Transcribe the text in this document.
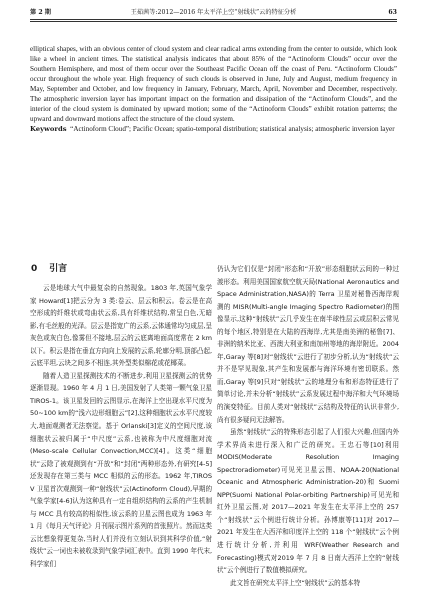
第 2 期	王茹茜等:2012—2016 年太平洋上空“射线状”云的特征分析	63

elliptical shapes, with an obvious center of cloud system and clear radical arms extending from the center to outside, which look like a wheel in ancient times. The statistical analysis indicates that about 85% of the “Actinoform Clouds” occur over the Southern Hemisphere, and most of them occur over the Southeast Pacific Ocean off the coast of Peru. “Actinoform Clouds” occur throughout the whole year. High frequency of such clouds is observed in June, July and August, medium frequency in May, September and October, and low frequency in January, February, March, April, November and December, respectively. The atmospheric inversion layer has important impact on the formation and dissipation of the “Actinoform Clouds”, and the interior of the cloud system is dominated by upward motion; some of the “Actinoform Clouds” exhibit rotation patterns; the upward and downward motions affect the structure of the cloud system.

Keywords “Actinoform Cloud”; Pacific Ocean; spatio-temporal distribution; statistical analysis; atmospheric inversion layer

0 引言

云是地球大气中最复杂的自然现象。1803 年,英国气象学家 Howard[1]把云分为 3 类:卷云、层云和积云。卷云是在高空形成的纤维状或弯曲状云系,具有纤维状结构,常呈白色,无暗影,有毛丝般的光泽。层云是指宽广的云系,云体通常均匀成层,呈灰色或灰白色,像雾但不接地,层云的云底离地面高度常在 2 km 以下。积云是指在垂直方向向上发展的云系,轮廓分明,顶部凸起,云底平坦,云块之间多不相连,其外型类似棉花或花椰菜。

随着人造卫星探测技术的不断进步,利用卫星探测云的优势逐渐显现。1960 年 4 月 1 日,美国发射了人类第一颗气象卫星 TIROS-1。该卫星发回的云图显示,在海洋上空出现水平尺度为 50~100 km的“浅六边形细胞云”[2],这种细胞状云水平尺度较大,地面观测者无法察觉。基于 Orlanski[3]定义的空间尺度,该细胞状云被归属于“中尺度”云系,也被称为中尺度细胞对流(Meso-scale Cellular Convection,MCC)[4]。这类“细胞状”云除了被观测到有“开放”和“封闭”两种形态外,有研究[4-5]还发现存在第三类与 MCC 相似的云的形态。1962 年,TIROS V 卫星首次观测到一种“射线状”云(Actinoform Cloud),早期的气象学家[4-6]认为这种具有一定自组织结构的云系的产生机制与 MCC 具有较高的相似性,该云系的卫星云图也成为 1963 年 1 月《每月天气评论》月刊展示图片系列的首张照片。然而这类云比想象得更复杂,当时人们并没有立刻认识到其科学价值,“射线状”云一词也未被收录到气象学词汇表中。直到 1990 年代末,科学家们

仍认为它们仅是“封闭”形态和“开放”形态细胞状云间的一种过渡形态。利用美国国家航空航天局(National Aeronautics and Space Administration,NASA)的 Terra 卫星对秘鲁西海岸观测的 MISR(Multi-angle Imaging Spectro Radiometer)的图像显示,这种“射线状”云几乎发生在南半球性层云或层积云常见的每个地区,特别是在大陆的西海岸,尤其是南美洲的秘鲁[7]、非洲的纳米比亚、西澳大利亚和南加州等地的海岸附近。2004 年,Garay 等[8]对“射线状”云进行了初步分析,认为“射线状”云并不是罕见现象,其产生和发展都与海洋环境有密切联系。然而,Garay 等[9]只对“射线状”云的地理分布和形态特征进行了简单讨论,并未分析“射线状”云系发展过程中海洋和大气环境场的演变特征。目前人类对“射线状”云结构及特征的认识非常少,尚有很多疑问无法解答。

虽然“射线状”云的特殊形态引起了人们很大兴趣,但国内外学术界尚未进行深入和广泛的研究。王忠石等[10]利用 MODIS(Moderate Resolution Imaging Spectroradiometer)可见光卫星云图、NOAA-20(National Oceanic and Atmospheric Administration-20)和 Suomi NPP(Suomi National Polar-orbiting Partnership)可见光和红外卫星云图,对 2017—2021 年发生在太平洋上空的 257 个“射线状”云个例进行统计分析。孙博康等[11]对 2017—2021 年发生在大西洋和印度洋上空的 118 个“射线状”云个例进行统计分析,并利用 WRF(Weather Research and Forecasting)模式对2019 年 7 月 8 日南大西洋上空的“射线状”云个例进行了数值模拟研究。

此文旨在研究太平洋上空“射线状”云的基本特
